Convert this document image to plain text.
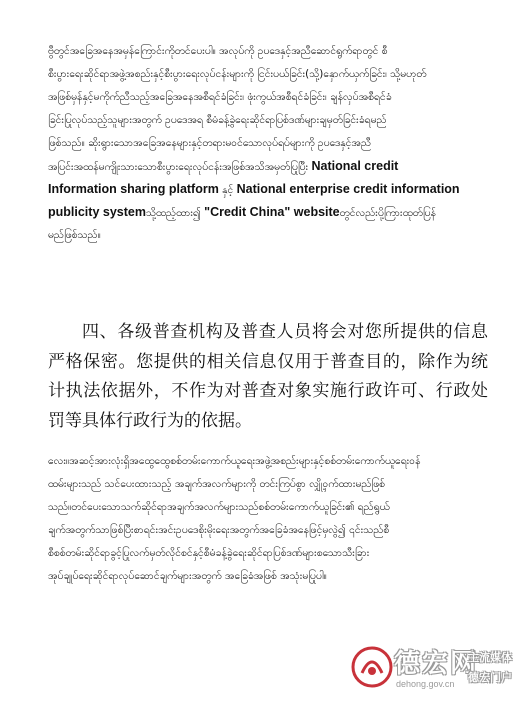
ဗွီတွင်အခြေအနေအမှန်ကြောင်းကိုတင်ပေးပါ။ အလုပ်ကို ဥပဒေနှင့်အညီဆောင်ရွက်ရာတွင် စီ
စီးပွားရေးဆိုင်ရာအဖွဲ့အစည်းနှင့်စီးပွားရေးလုပ်ငန်းများကို ငြင်းပယ်ခြင်း(သို့)နှောက်ယှက်ခြင်း၊ သို့မဟုတ်
အဖြစ်မှန်နှင့်မကိုက်ညီသည့်အခြေအနေအစီရင်ခံခြင်း၊ ဖုံးကွယ်အစီရင်ခံခြင်း၊ ချန်လှပ်အစီရင်ခံ
ခြင်းပြုလုပ်သည့်သူများအတွက် ဥပဒေအရ စီမံခန့်ခွဲရေးဆိုင်ရာပြစ်ဒဏ်များချမှတ်ခြင်းခံရမည်
ဖြစ်သည်။ ဆိုးရွားသောအခြေအနေများနှင့်တရားမဝင်သောလုပ်ရပ်များကို ဥပဒေနှင့်အညီ
အပြင်းအထန်မကျိုးသားသောစီးပွားရေးလုပ်ငန်းအဖြစ်အသိအမှတ်ပြုပြီး National credit
Information sharing platform နှင့် National enterprise credit information
publicity systemသို့ထည့်ထား၍ "Credit China" websiteတွင်လည်းပို့ကြားထုတ်ပြန်
မည်ဖြစ်သည်။

四、各级普查机构及普查人员将会对您所提供的信息严格保密。您提供的相关信息仅用于普查目的，除作为统计执法依据外，不作为对普查对象实施行政许可、行政处罚等具体行政行为的依据。

လေး။အဆင့်အားလုံးရှိအထွေထွေစစ်တမ်းကောက်ယူရေးအဖွဲ့အစည်းများနှင့်စစ်တမ်းကောက်ယူရေးဝန်
ထမ်းများသည် သင်ပေးထားသည့် အချက်အလက်များကို တင်းကြပ်စွာ လျှို့ဝှက်ထားမည်ဖြစ်
သည်။တင်ပေးသောသက်ဆိုင်ရာအချက်အလက်များသည်စစ်တမ်းကောက်ယူခြင်း၏ ရည်ရွယ်
ချက်အတွက်သာဖြစ်ပြီးစာရင်းအင်းဥပဒေစိုးမိုးရေးအတွက်အခြေခံအနေဖြင့်မှလွဲ၍ ၎င်းသည်စီ
စီစစ်တမ်းဆိုင်ရာခွင့်ပြုလက်မှတ်လိုင်စင်နှင့်စီမံခန့်ခွဲရေးဆိုင်ရာပြစ်ဒဏ်များစသောသီးခြား
အုပ်ချုပ်ရေးဆိုင်ရာလုပ်ဆောင်ချက်များအတွက် အခြေခံအဖြစ် အသုံးမပြုပါ။
德宏网
dehong.gov.cn
主流媒体
德宏门户
